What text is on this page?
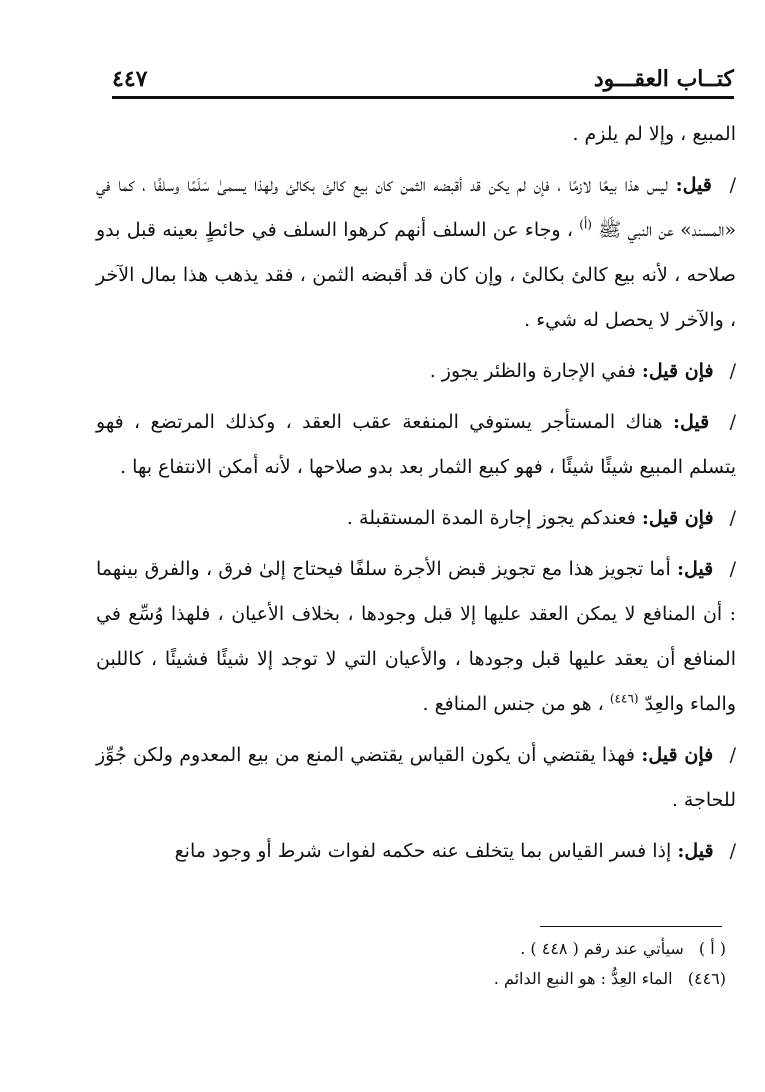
كتــاب العقـــود
٤٤٧

المبيع ، وإلا لم يلزم .

/ قيل: ليس هذا بيعًا لازمًا ، فإن لم يكن قد أقبضه الثمن كان بيع كالئ بكالئ ولهذا يسمىٰ سَلَمًا وسلفًا ، كما في «المسند» عن النبي ﷺ $^{(أ)}$ ، وجاء عن السلف أنهم كرهوا السلف في حائطٍ بعينه قبل بدو صلاحه ، لأنه بيع كالئ بكالئ ، وإن كان قد أقبضه الثمن ، فقد يذهب هذا بمال الآخر ، والآخر لا يحصل له شيء .

/ فإن قيل: ففي الإجارة والظئر يجوز .

/ قيل: هناك المستأجر يستوفي المنفعة عقب العقد ، وكذلك المرتضع ، فهو يتسلم المبيع شيئًا شيئًا ، فهو كبيع الثمار بعد بدو صلاحها ، لأنه أمكن الانتفاع بها .

/ فإن قيل: فعندكم يجوز إجارة المدة المستقبلة .

/ قيل: أما تجويز هذا مع تجويز قبض الأجرة سلفًا فيحتاج إلىٰ فرق ، والفرق بينهما : أن المنافع لا يمكن العقد عليها إلا قبل وجودها ، بخلاف الأعيان ، فلهذا وُسِّع في المنافع أن يعقد عليها قبل وجودها ، والأعيان التي لا توجد إلا شيئًا فشيئًا ، كاللبن والماء والعِدّ $^{(٤٤٦)}$ ، هو من جنس المنافع .

/ فإن قيل: فهذا يقتضي أن يكون القياس يقتضي المنع من بيع المعدوم ولكن جُوِّز للحاجة .

/ قيل: إذا فسر القياس بما يتخلف عنه حكمه لفوات شرط أو وجود مانع

( أ ) سيأتي عند رقم ( ٤٤٨ ) .
(٤٤٦) الماء العِدُّ : هو النبع الدائم .
